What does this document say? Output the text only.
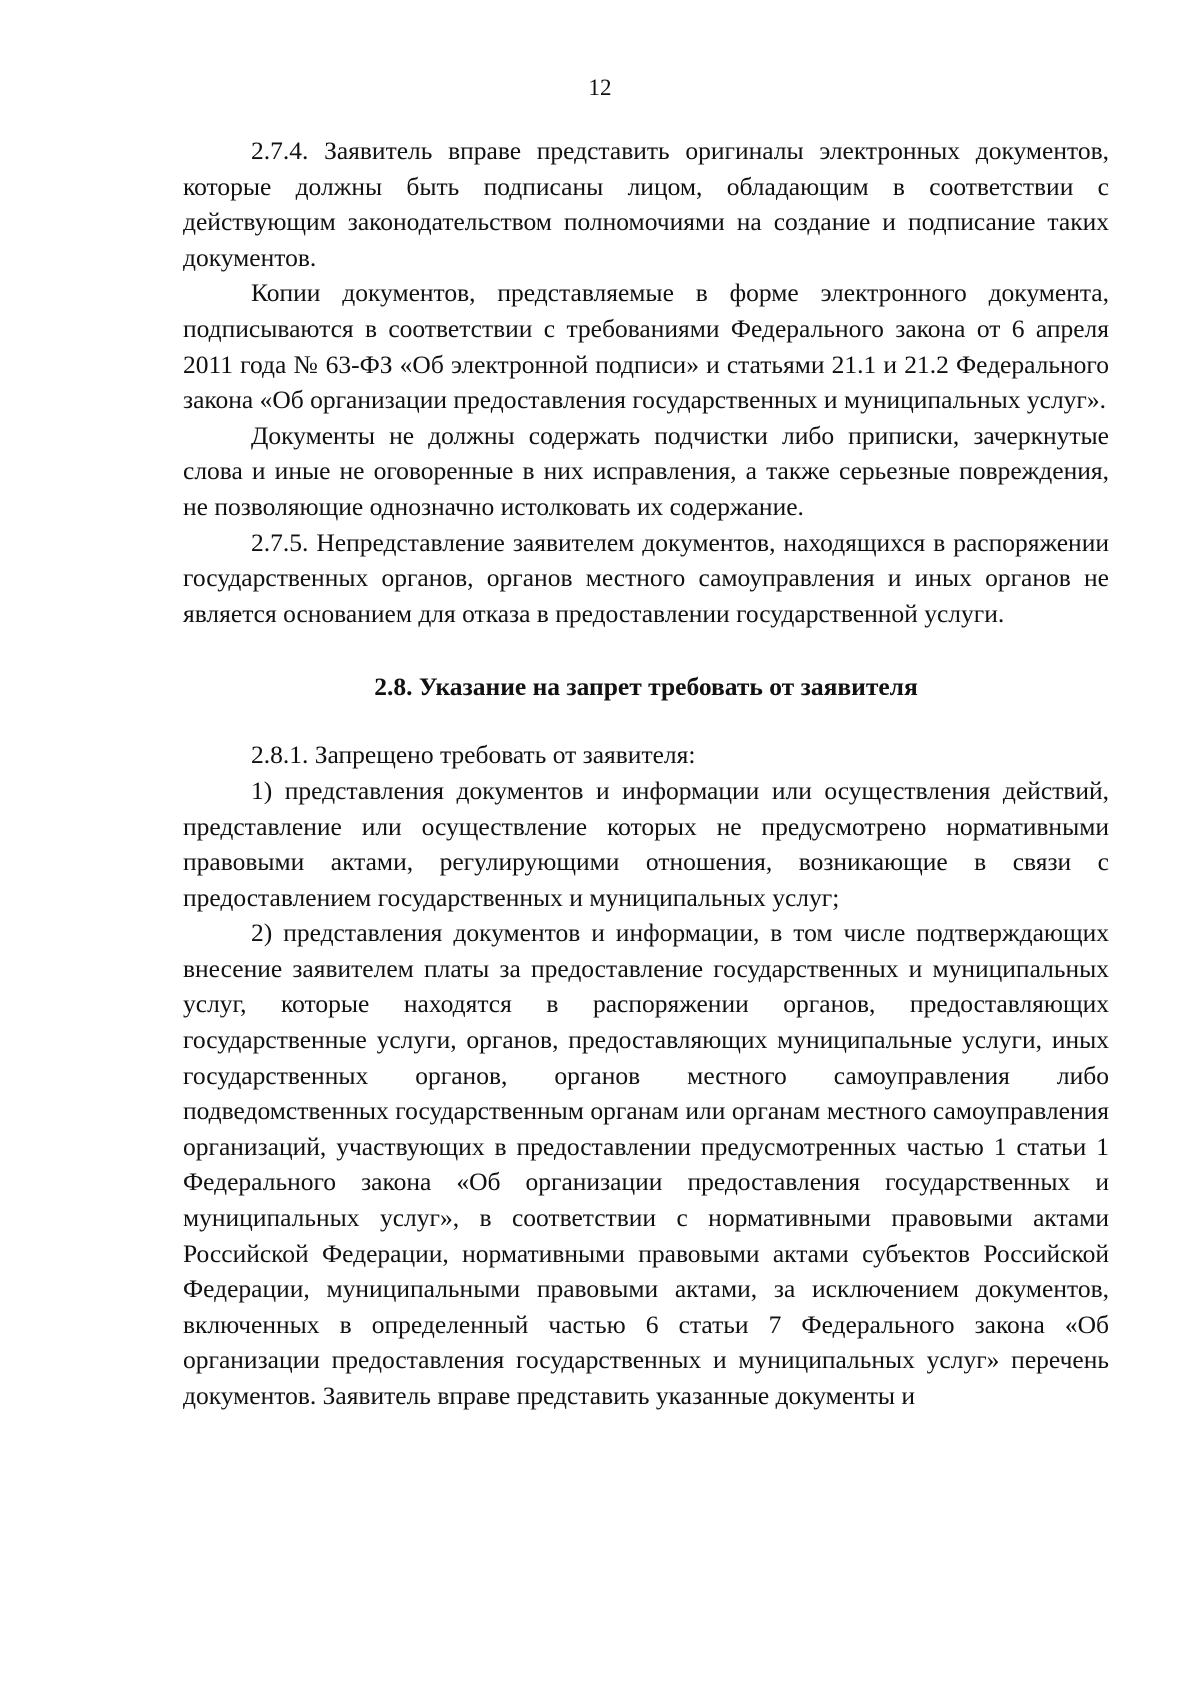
12

2.7.4. Заявитель вправе представить оригиналы электронных документов, которые должны быть подписаны лицом, обладающим в соответствии с действующим законодательством полномочиями на создание и подписание таких документов.

Копии документов, представляемые в форме электронного документа, подписываются в соответствии с требованиями Федерального закона от 6 апреля 2011 года № 63-ФЗ «Об электронной подписи» и статьями 21.1 и 21.2 Федерального закона «Об организации предоставления государственных и муниципальных услуг».

Документы не должны содержать подчистки либо приписки, зачеркнутые слова и иные не оговоренные в них исправления, а также серьезные повреждения, не позволяющие однозначно истолковать их содержание.

2.7.5. Непредставление заявителем документов, находящихся в распоряжении государственных органов, органов местного самоуправления и иных органов не является основанием для отказа в предоставлении государственной услуги.

2.8. Указание на запрет требовать от заявителя

2.8.1. Запрещено требовать от заявителя:

1) представления документов и информации или осуществления действий, представление или осуществление которых не предусмотрено нормативными правовыми актами, регулирующими отношения, возникающие в связи с предоставлением государственных и муниципальных услуг;

2) представления документов и информации, в том числе подтверждающих внесение заявителем платы за предоставление государственных и муниципальных услуг, которые находятся в распоряжении органов, предоставляющих государственные услуги, органов, предоставляющих муниципальные услуги, иных государственных органов, органов местного самоуправления либо подведомственных государственным органам или органам местного самоуправления организаций, участвующих в предоставлении предусмотренных частью 1 статьи 1 Федерального закона «Об организации предоставления государственных и муниципальных услуг», в соответствии с нормативными правовыми актами Российской Федерации, нормативными правовыми актами субъектов Российской Федерации, муниципальными правовыми актами, за исключением документов, включенных в определенный частью 6 статьи 7 Федерального закона «Об организации предоставления государственных и муниципальных услуг» перечень документов. Заявитель вправе представить указанные документы и
